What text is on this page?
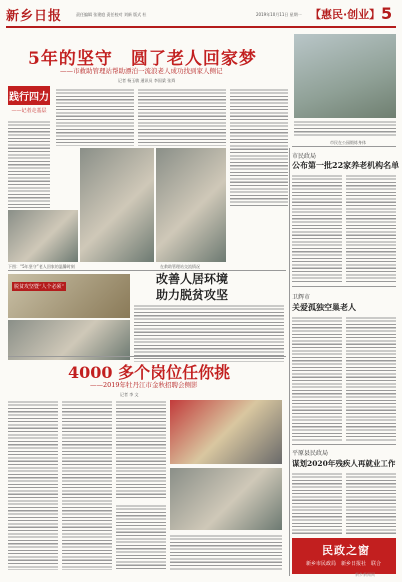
新乡日报	责任编辑 张建庭 责任校对 刘新 版式 杜	2019年10月11日 星期一 【惠民·创业】 5
5年的坚守　圆了老人回家梦
——市救助管理站帮助漂泊一流浪老人成功找到家人侧记
记者 杨玉敏 通讯员 李国梁 张舜
践行四力
——记者走基层
下图：“5年坚守”老人回家的温馨时刻	在救助管理站交流情况
市民在公园锻炼身体
市民政局
公布第一批22家养老机构名单
脱贫攻坚暨“人个必须”
改善人居环境
助力脱贫攻坚
4000 多个岗位任你挑
——2019年牡丹江市金秋招聘会侧影
记者 李 文
卫辉市
关爱孤独空巢老人
平原县民政局
谋划2020年残疾人再就业工作
民政之窗
新乡市民政局　新乡日报社　联合
新乡新闻网
